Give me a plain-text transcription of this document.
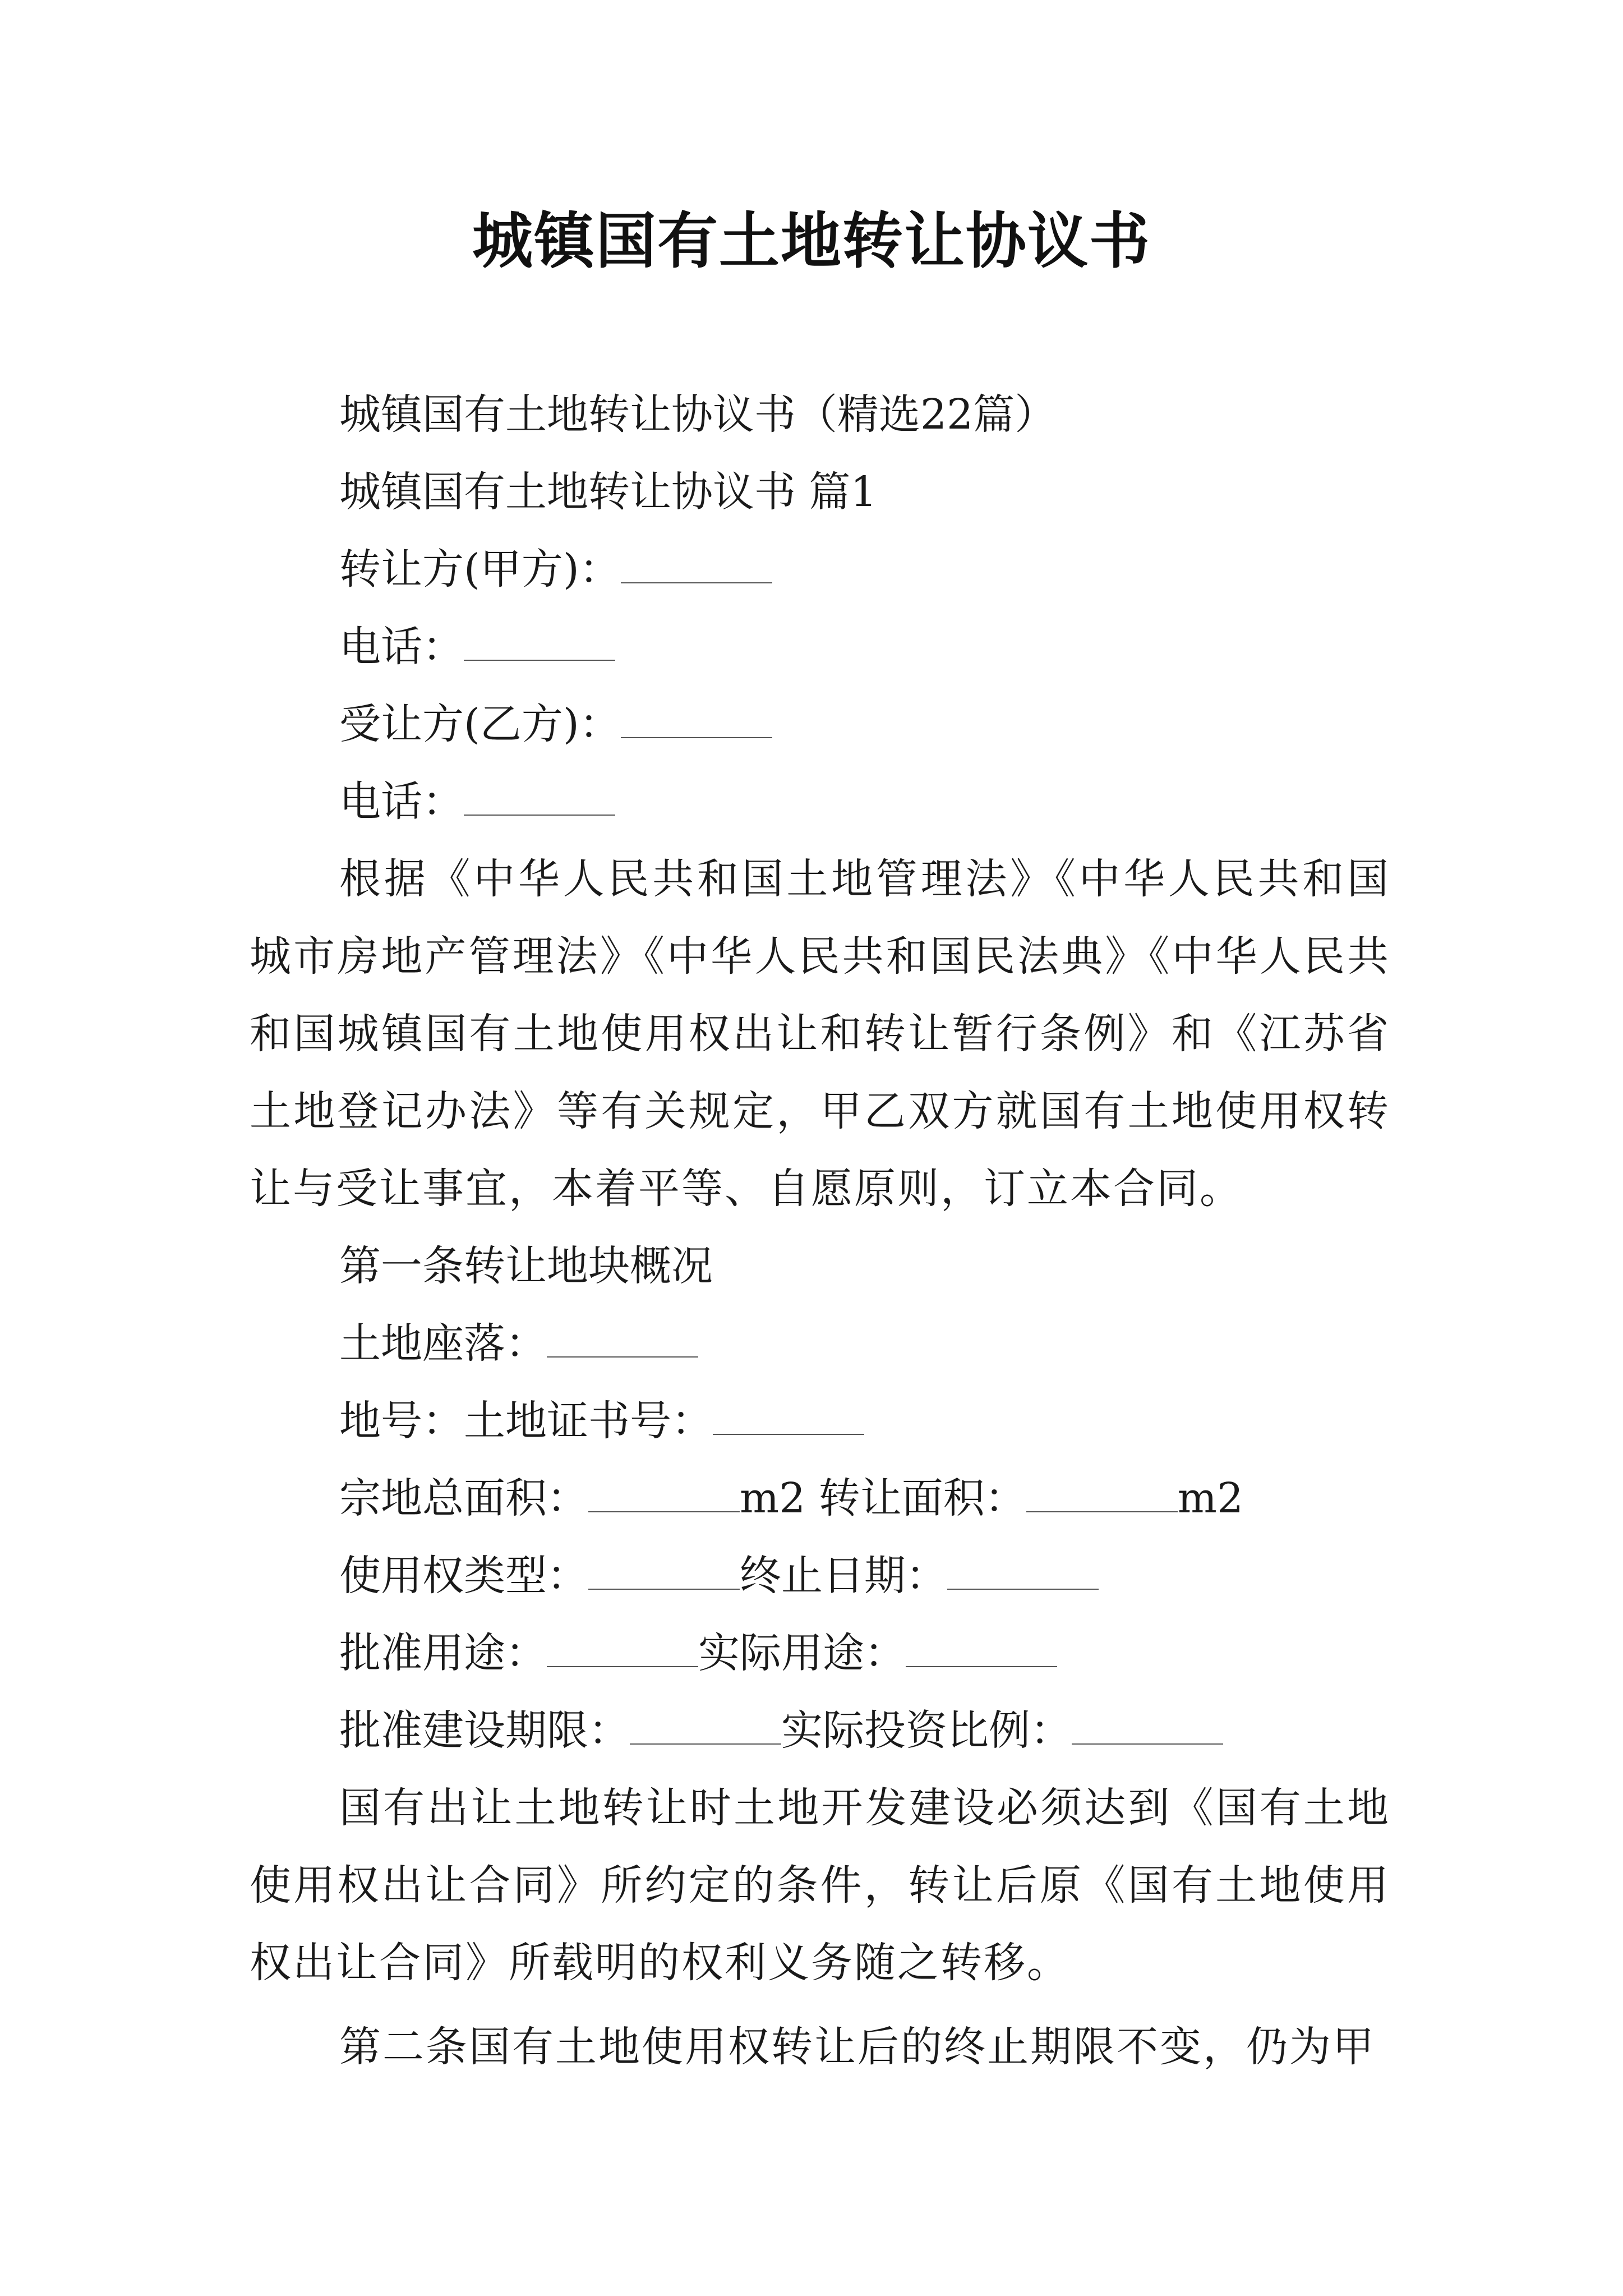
城镇国有土地转让协议书

城镇国有土地转让协议书（精选22篇）

城镇国有土地转让协议书 篇1

转让方(甲方)：

电话：

受让方(乙方)：

电话：

根据《中华人民共和国土地管理法》《中华人民共和国城市房地产管理法》《中华人民共和国民法典》《中华人民共和国城镇国有土地使用权出让和转让暂行条例》和《江苏省土地登记办法》等有关规定，甲乙双方就国有土地使用权转让与受让事宜，本着平等、自愿原则，订立本合同。

第一条转让地块概况

土地座落：

地号：土地证书号：

宗地总面积：	m2 转让面积：	m2

使用权类型：	终止日期：

批准用途：	实际用途：

批准建设期限：	实际投资比例：

国有出让土地转让时土地开发建设必须达到《国有土地使用权出让合同》所约定的条件，转让后原《国有土地使用权出让合同》所载明的权利义务随之转移。

第二条国有土地使用权转让后的终止期限不变，仍为甲
